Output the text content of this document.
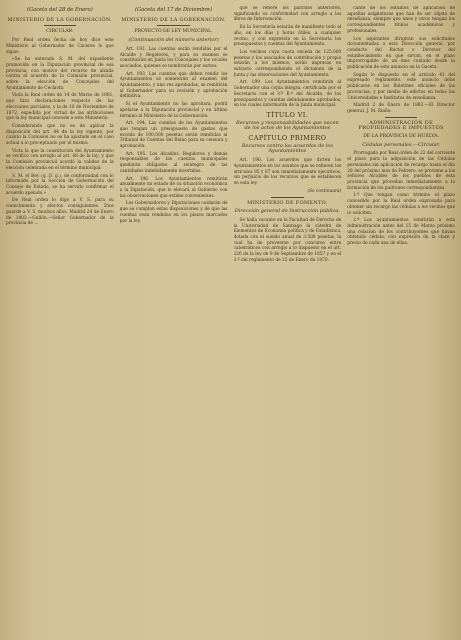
(Gaceta del 28 de Enero)
MINISTERIO DE LA GOBERNACIÓN.
CIRCULAR.

Por Real orden fecha de hoy dice este Ministerio al Gobernador de Cáceres lo que sigue:

«Se ha enterado S. M. del expediente promovido en la Diputación provincial de esa provincia, con motivo del recurso de alzada contra el acuerdo de la Comisión provincial, sobre la elección de Concejales del Ayuntamiento de Ceclavín.

Vista la Real orden de 14 de Marzo de 1881, que hizo declaraciones respecto de las elecciones parciales, y la de 16 de Noviembre de 1872, expedida por virtud de las atribuciones que la ley municipal concede a este Ministerio:

Considerando que no es de aplicar la disposición del art. 44 de la ley vigente, por cuanto la Comisión no se ha ajustado en el caso actual a lo preceptuado por el mismo:

Vista la que la constitución del Ayuntamiento se verificó con arreglo al art. 48 de la ley; y que la Comisión provincial acordó la validez de la elección celebrada en el término municipal:

S. M. el Rey (q. D. g.), de conformidad con lo informado por la Sección de Gobernación del Consejo de Estado, se ha servido confirmar el acuerdo apelado.»

De Real orden lo digo a V. S. para su conocimiento y efectos consiguientes. Dios guarde a V. S. muchos años. Madrid 24 de Enero de 1883.—Gullón.—Señor Gobernador de la provincia de ...

(Gaceta del 17 de Diciembre)
MINISTERIO DE LA GOBERNACIÓN.
PROYECTO DE LEY MUNICIPAL.
(Continuación del número anterior)

Art. 192. Las cuentas serán rendidas por el Alcalde y Regidores, y para su examen se constituirán en Junta los Concejales y los vocales asociados, quienes se nombrarán por sorteo.

Art. 193. Las cuentas que deben rendir los Ayuntamientos se someterán al examen del Ayuntamiento, y una vez aprobadas, se remitirán al Gobernador para su revisión y aprobación definitiva.

Si el Ayuntamiento no las aprobara, podrá apelarse a la Diputación provincial y en último término al Ministerio de la Gobernación.

Art. 194. Las cuentas de los Ayuntamientos que tengan un presupuesto de gastos que exceda de 100.000 pesetas serán remitidas al Tribunal de Cuentas del Reino para su censura y aprobación.

Art. 195. Los Alcaldes, Regidores y demás responsables de las cuentas municipales quedarán obligados al reintegro de las cantidades indebidamente invertidas.

Art. 196. Los Ayuntamientos remitirán anualmente un estado de su situación económica a la Diputación, que lo elevará al Gobierno con las observaciones que estime convenientes.

Los Gobernadores y Diputaciones cuidarán de que se cumplan estas disposiciones y de que las cuentas sean rendidas en los plazos marcados por la ley.

que se refiere los párrafos anteriores, significando su conformidad con arreglo a los libros de Intervención.

En la Secretaría estarán de manifiesto todo el año, en los días y horas útiles, a cualquier vecino, y con expresión en la Secretaría los presupuestos y cuentas del Ayuntamiento.

Los vecinos cuya cuota exceda de 125.000 pesetas y los asociados de contribución y propio estarán a los mismos, serán impresas en extracto correspondiendo el dictamen de la Junta y las observaciones del Ayuntamiento.

Art. 199. Los Ayuntamientos remitirán al Gobernador una copia íntegra, certificada por el Secretario con el V.º B.º del Alcalde, de los presupuestos y cuentas debidamente aprobados, en los cuales informarán de la Junta municipal.

TÍTULO VI.
Recursos y responsabilidades que nacen de los actos de los Ayuntamientos
CAPÍTULO PRIMERO
Recursos contra los acuerdos de los Ayuntamientos

Art. 196. Los acuerdos que dicten los Ayuntamientos en los asuntos que se refieren los artículos 85 y 87 son inmediatamente ejecutivos, sin perjuicio de los recursos que se establecen en esta ley.

(Se continuará)
MINISTERIO DE FOMENTO.
Dirección general de Instrucción pública.

Se halla vacante en la Facultad de Derecho de la Universidad de Santiago la cátedra de Elementos de Economía política y de Estadística, dotada con el sueldo anual de 3.500 pesetas, la cual ha de proveerse por concurso entre catedráticos con arreglo a lo dispuesto en el art. 226 de la ley de 9 de Septiembre de 1857 y en el 3.º del reglamento de 15 de Enero de 1870.

cante de los estudios de aplicación de aquellas asignaturas que han de ser objeto de enseñanza, siempre que unos y otros tengan los correspondientes títulos académicos y profesionales.

Los aspirantes dirigirán sus solicitudes documentadas a esta Dirección general, por conducto del Rector o Director del establecimiento en que sirvan, en el plazo improrrogable de un mes contado desde la publicación de este anuncio en la Gaceta.

Según lo dispuesto en el artículo 41 del expresado reglamento, este anuncio debe publicarse en los Boletines oficiales de las provincias, y por medio de edictos en todas las Universidades e Institutos de enseñanza.

Madrid 2 de Enero de 1883.—El Director general, J. M. Riaño.

ADMINISTRACIÓN DE PROPIEDADES E IMPUESTOS
DE LA PROVINCIA DE HUELVA.
Cédulas personales.—Circular.

Prorrogado por Real orden de 22 del corriente el plazo para la adquisición de las Cédulas personales sin aplicación de recargo hasta el día 28 del próximo mes de Febrero, se previene a los señores Alcaldes de los pueblos de esta provincia que procedan inmediatamente a la formación de los padrones correspondientes.

1.º Que tengan como término el plazo concedido por la Real orden expresada para obtener sin recargo las cédulas a los vecinos que lo soliciten.

2.º Los ayuntamientos remitirán a esta Administración antes del 15 de Marzo próximo una relación de los contribuyentes que hayan obtenido cédula, con expresión de la clase y precio de cada una de ellas.
